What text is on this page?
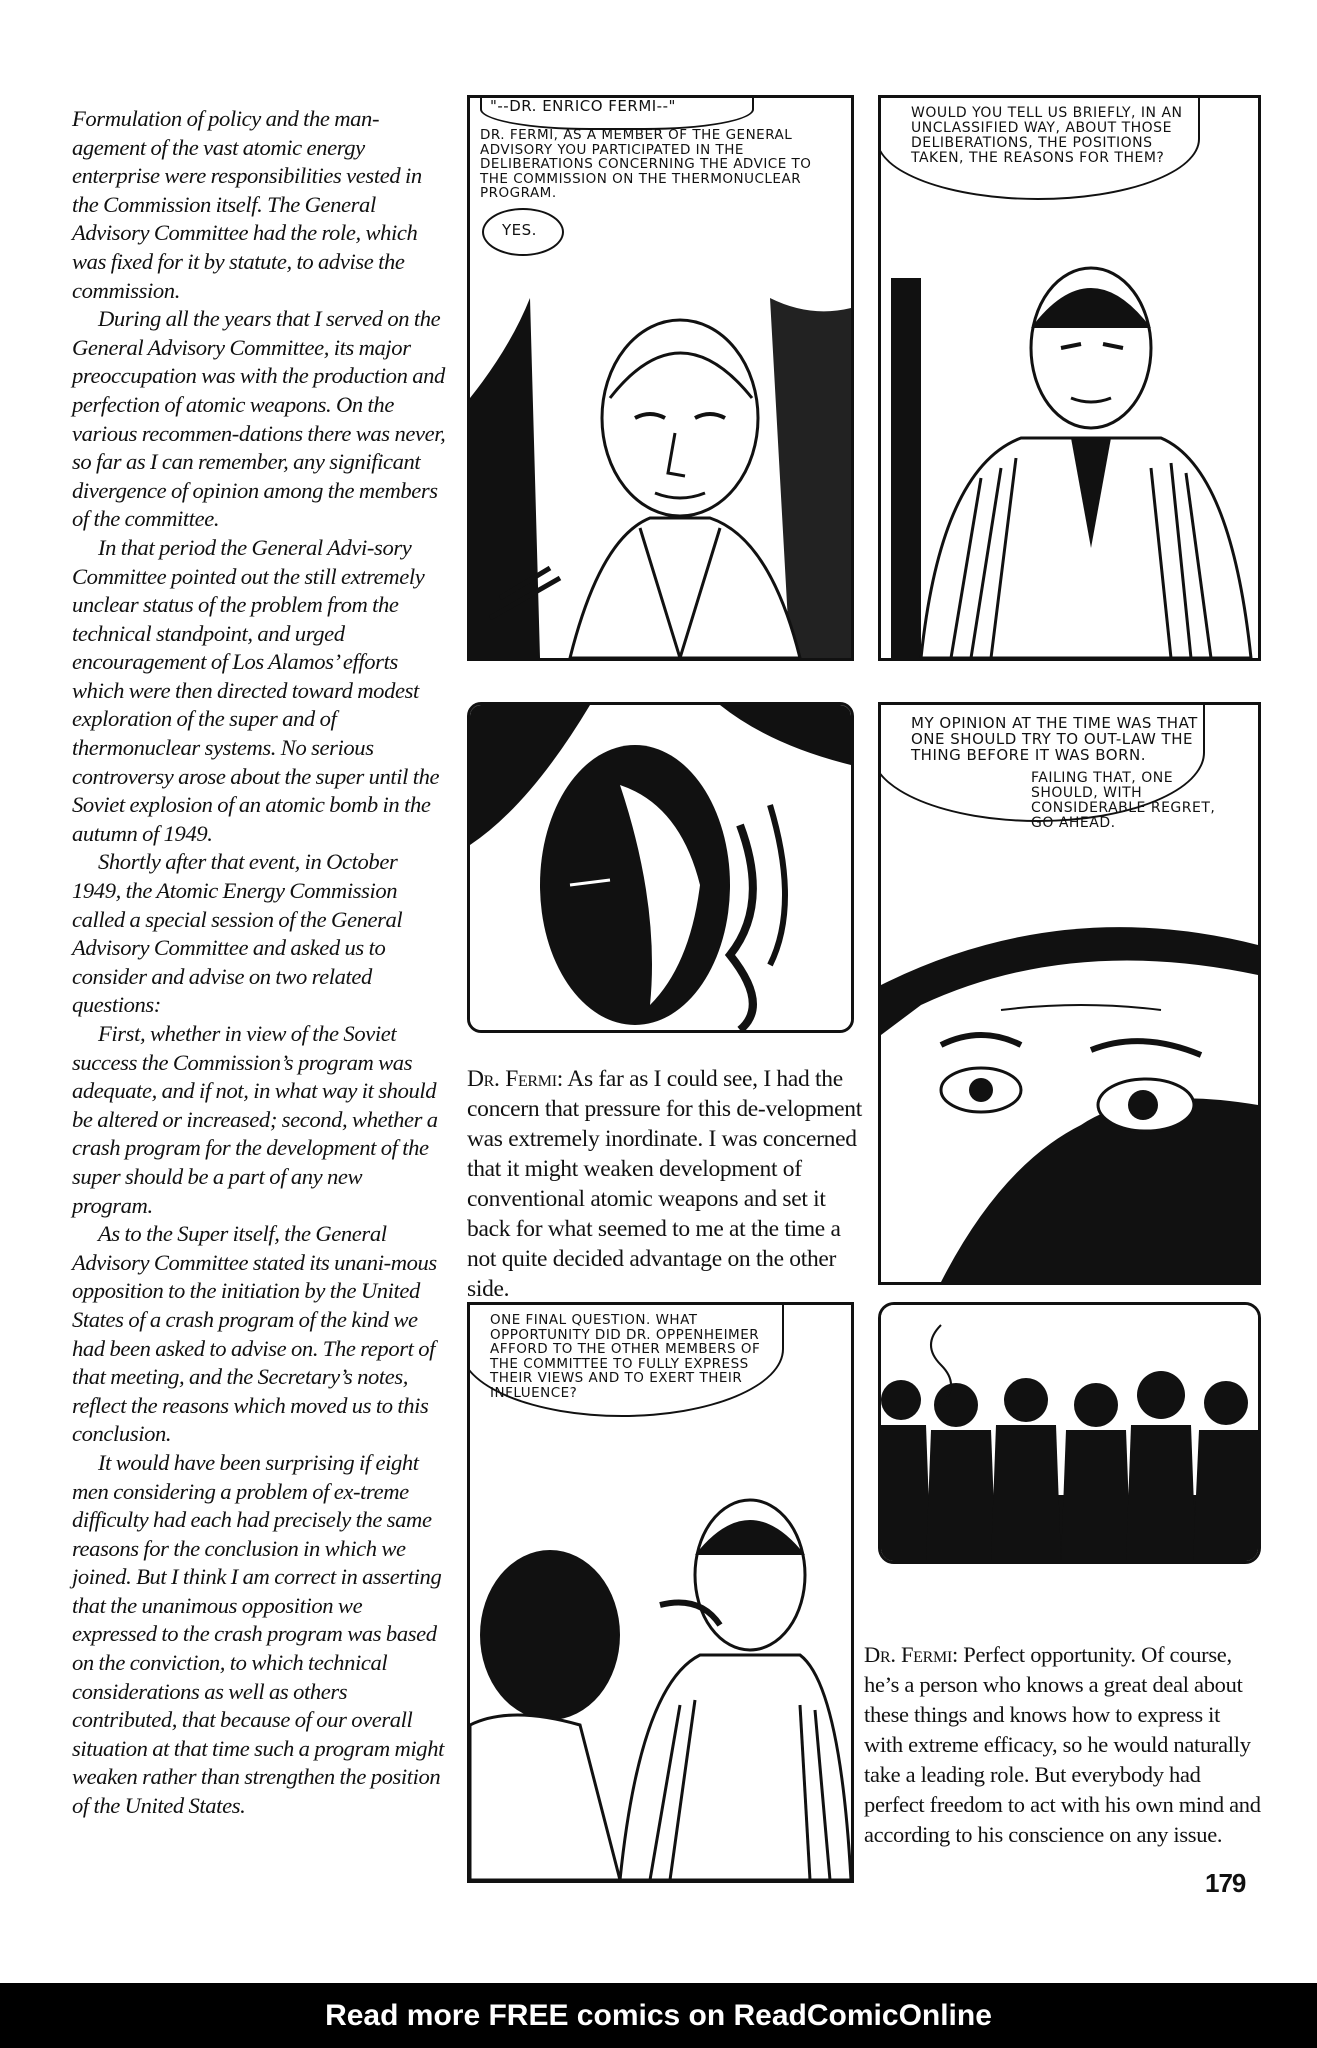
Formulation of policy and the man-agement of the vast atomic energy enterprise were responsibilities vested in the Commission itself. The General Advisory Committee had the role, which was fixed for it by statute, to advise the commission.

During all the years that I served on the General Advisory Committee, its major preoccupation was with the production and perfection of atomic weapons. On the various recommen-dations there was never, so far as I can remember, any significant divergence of opinion among the members of the committee.

In that period the General Advi-sory Committee pointed out the still extremely unclear status of the problem from the technical standpoint, and urged encouragement of Los Alamos’ efforts which were then directed toward modest exploration of the super and of thermonuclear systems. No serious controversy arose about the super until the Soviet explosion of an atomic bomb in the autumn of 1949.

Shortly after that event, in October 1949, the Atomic Energy Commission called a special session of the General Advisory Committee and asked us to consider and advise on two related questions:

First, whether in view of the Soviet success the Commission’s program was adequate, and if not, in what way it should be altered or increased; second, whether a crash program for the development of the super should be a part of any new program.

As to the Super itself, the General Advisory Committee stated its unani-mous opposition to the initiation by the United States of a crash program of the kind we had been asked to advise on. The report of that meeting, and the Secretary’s notes, reflect the reasons which moved us to this conclusion.

It would have been surprising if eight men considering a problem of ex-treme difficulty had each had precisely the same reasons for the conclusion in which we joined. But I think I am correct in asserting that the unanimous opposition we expressed to the crash program was based on the conviction, to which technical considerations as well as others contributed, that because of our overall situation at that time such a program might weaken rather than strengthen the position of the United States.

"--DR. ENRICO FERMI--"

DR. FERMI, AS A MEMBER OF THE GENERAL ADVISORY YOU PARTICIPATED IN THE DELIBERATIONS CONCERNING THE ADVICE TO THE COMMISSION ON THE THERMONUCLEAR PROGRAM.

YES.

WOULD YOU TELL US BRIEFLY, IN AN UNCLASSIFIED WAY, ABOUT THOSE DELIBERATIONS, THE POSITIONS TAKEN, THE REASONS FOR THEM?

MY OPINION AT THE TIME WAS THAT ONE SHOULD TRY TO OUT-LAW THE THING BEFORE IT WAS BORN.

FAILING THAT, ONE SHOULD, WITH CONSIDERABLE REGRET, GO AHEAD.

ONE FINAL QUESTION. WHAT OPPORTUNITY DID DR. OPPENHEIMER AFFORD TO THE OTHER MEMBERS OF THE COMMITTEE TO FULLY EXPRESS THEIR VIEWS AND TO EXERT THEIR INFLUENCE?

Dr. Fermi: As far as I could see, I had the concern that pressure for this de-velopment was extremely inordinate. I was concerned that it might weaken development of conventional atomic weapons and set it back for what seemed to me at the time a not quite decided advantage on the other side.

Dr. Fermi: Perfect opportunity. Of course, he’s a person who knows a great deal about these things and knows how to express it with extreme efficacy, so he would naturally take a leading role. But everybody had perfect freedom to act with his own mind and according to his conscience on any issue.

179
Read more FREE comics on ReadComicOnline
